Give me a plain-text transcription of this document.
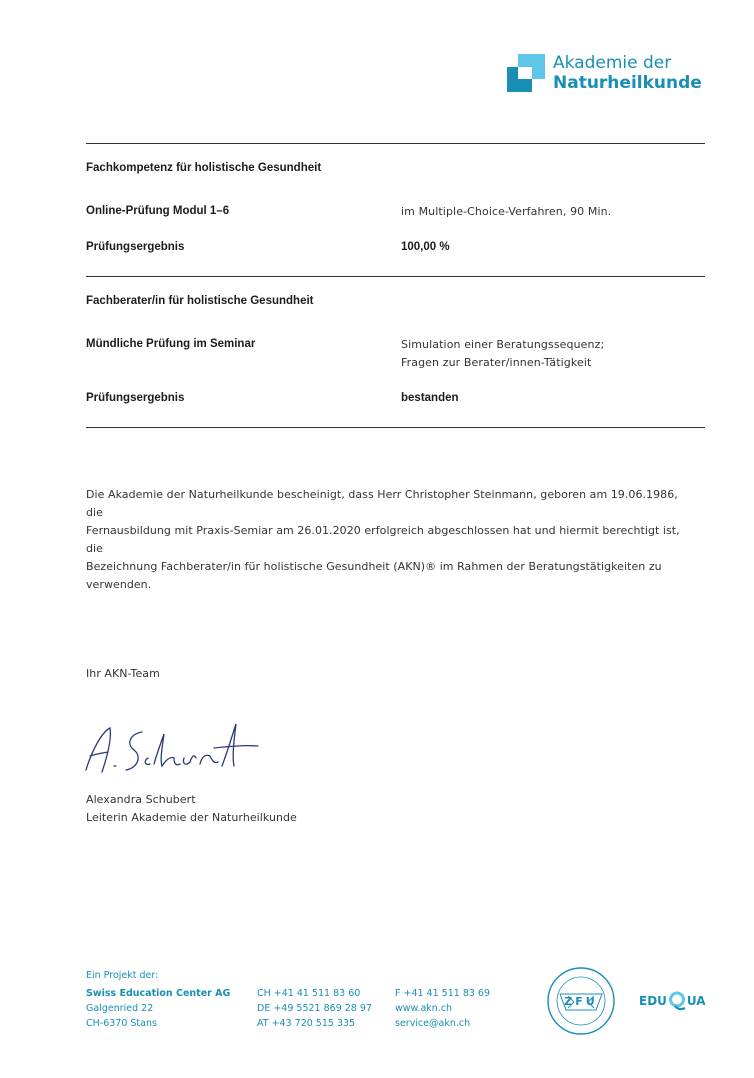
Akademie der
Naturheilkunde
Fachkompetenz für holistische Gesundheit
Online-Prüfung Modul 1–6	im Multiple-Choice-Verfahren, 90 Min.
Prüfungsergebnis	100,00 %
Fachberater/in für holistische Gesundheit
Mündliche Prüfung im Seminar	Simulation einer Beratungssequenz;
Fragen zur Berater/innen-Tätigkeit
Prüfungsergebnis	bestanden
Die Akademie der Naturheilkunde bescheinigt, dass Herr Christopher Steinmann, geboren am 19.06.1986, die
Fernausbildung mit Praxis-Semiar am 26.01.2020 erfolgreich abgeschlossen hat und hiermit berechtigt ist, die
Bezeichnung Fachberater/in für holistische Gesundheit (AKN)® im Rahmen der Beratungstätigkeiten zu
verwenden.
Ihr AKN-Team
Alexandra Schubert
Leiterin Akademie der Naturheilkunde
Ein Projekt der:
Swiss Education Center AG
Galgenried 22
CH-6370 Stans
CH +41 41 511 83 60
DE +49 5521 869 28 97
AT +43 720 515 335
F +41 41 511 83 69
www.akn.ch
service@akn.ch
ZFU	EDU UA
